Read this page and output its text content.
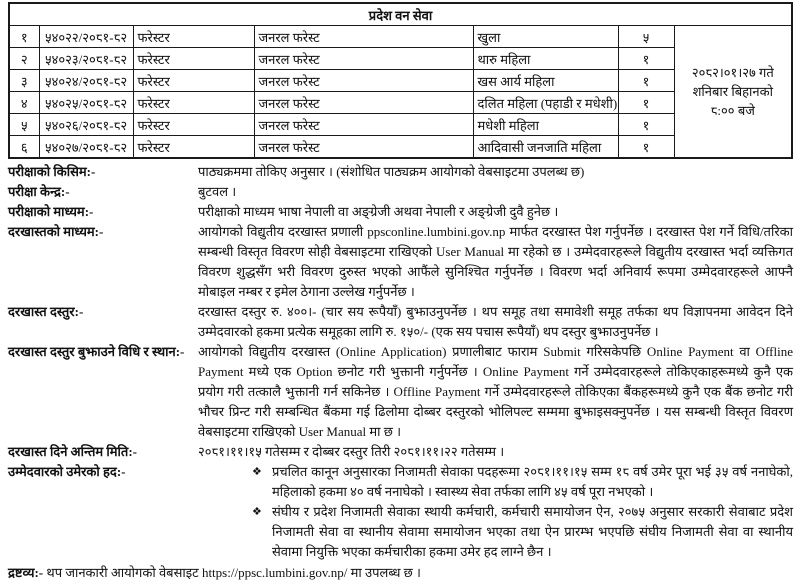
प्रदेश वन सेवा						
१	५४०२२/२०८१-८२	फरेस्टर	जनरल फरेस्ट	खुला	५	२०८२।०१।२७ गते
शनिबार बिहानको
८:०० बजे

२	५४०२३/२०८१-८२	फरेस्टर	जनरल फरेस्ट	थारु महिला	१	
३	५४०२४/२०८१-८२	फरेस्टर	जनरल फरेस्ट	खस आर्य महिला	१	
४	५४०२५/२०८१-८२	फरेस्टर	जनरल फरेस्ट	दलित महिला (पहाडी र मधेशी)	१	
५	५४०२६/२०८१-८२	फरेस्टर	जनरल फरेस्ट	मधेशी महिला	१	
६	५४०२७/२०८१-८२	फरेस्टर	जनरल फरेस्ट	आदिवासी जनजाति महिला	१	
परीक्षाको किसिम:-	पाठ्यक्रममा तोकिए अनुसार । (संशोधित पाठ्यक्रम आयोगको वेबसाइटमा उपलब्ध छ)
परीक्षा केन्द्र:-	बुटवल ।
परीक्षाको माध्यम:-	परीक्षाको माध्यम भाषा नेपाली वा अङ्ग्रेजी अथवा नेपाली र अङ्ग्रेजी दुवै हुनेछ ।
दरखास्तको माध्यम:-	आयोगको विद्युतीय दरखास्त प्रणाली ppsconline.lumbini.gov.np मार्फत दरखास्त पेश गर्नुपर्नेछ । दरखास्त पेश गर्ने विधि/तरिका सम्बन्धी विस्तृत विवरण सोही वेबसाइटमा राखिएको User Manual मा रहेको छ । उम्मेदवारहरूले विद्युतीय दरखास्त भर्दा व्यक्तिगत विवरण शुद्धसँग भरी विवरण दुरुस्त भएको आफैंले सुनिश्चित गर्नुपर्नेछ । विवरण भर्दा अनिवार्य रूपमा उम्मेदवारहरूले आफ्नै मोबाइल नम्बर र इमेल ठेगाना उल्लेख गर्नुपर्नेछ ।
दरखास्त दस्तुर:-	दरखास्त दस्तुर रु. ४००।- (चार सय रूपैयाँ) बुझाउनुपर्नेछ । थप समूह तथा समावेशी समूह तर्फका थप विज्ञापनमा आवेदन दिने उम्मेदवारको हकमा प्रत्येक समूहका लागि रु. १५०/- (एक सय पचास रूपैयाँ) थप दस्तुर बुझाउनुपर्नेछ ।
दरखास्त दस्तुर बुझाउने विधि र स्थान:-	आयोगको विद्युतीय दरखास्त (Online Application) प्रणालीबाट फाराम Submit गरिसकेपछि Online Payment वा Offline Payment मध्ये एक Option छनोट गरी भुक्तानी गर्नुपर्नेछ । Online Payment गर्ने उम्मेदवारहरूले तोकिएकाहरूमध्ये कुनै एक प्रयोग गरी तत्कालै भुक्तानी गर्न सकिनेछ । Offline Payment गर्ने उम्मेदवारहरूले तोकिएका बैंकहरूमध्ये कुनै एक बैंक छनोट गरी भौचर प्रिन्ट गरी सम्बन्धित बैंकमा गई ढिलोमा दोब्बर दस्तुरको भोलिपल्ट सम्ममा बुझाइसक्नुपर्नेछ । यस सम्बन्धी विस्तृत विवरण वेबसाइटमा राखिएको User Manual मा छ ।
दरखास्त दिने अन्तिम मिति:-	२०८१।११।१५ गतेसम्म र दोब्बर दस्तुर तिरी २०८१।११।२२ गतेसम्म ।
उम्मेदवारको उमेरको हद:-	❖ प्रचलित कानून अनुसारका निजामती सेवाका पदहरूमा २०८१।११।१५ सम्म १८ वर्ष उमेर पूरा भई ३५ वर्ष ननाघेको, महिलाको हकमा ४० वर्ष ननाघेको । स्वास्थ्य सेवा तर्फका लागि ४५ वर्ष पूरा नभएको ।
❖ संघीय र प्रदेश निजामती सेवाका स्थायी कर्मचारी, कर्मचारी समायोजन ऐन, २०७५ अनुसार सरकारी सेवाबाट प्रदेश निजामती सेवा वा स्थानीय सेवामा समायोजन भएका तथा ऐन प्रारम्भ भएपछि संघीय निजामती सेवा वा स्थानीय सेवामा नियुक्ति भएका कर्मचारीका हकमा उमेर हद लाग्ने छैन ।
द्रष्टव्य:- थप जानकारी आयोगको वेबसाइट https://ppsc.lumbini.gov.np/ मा उपलब्ध छ ।
